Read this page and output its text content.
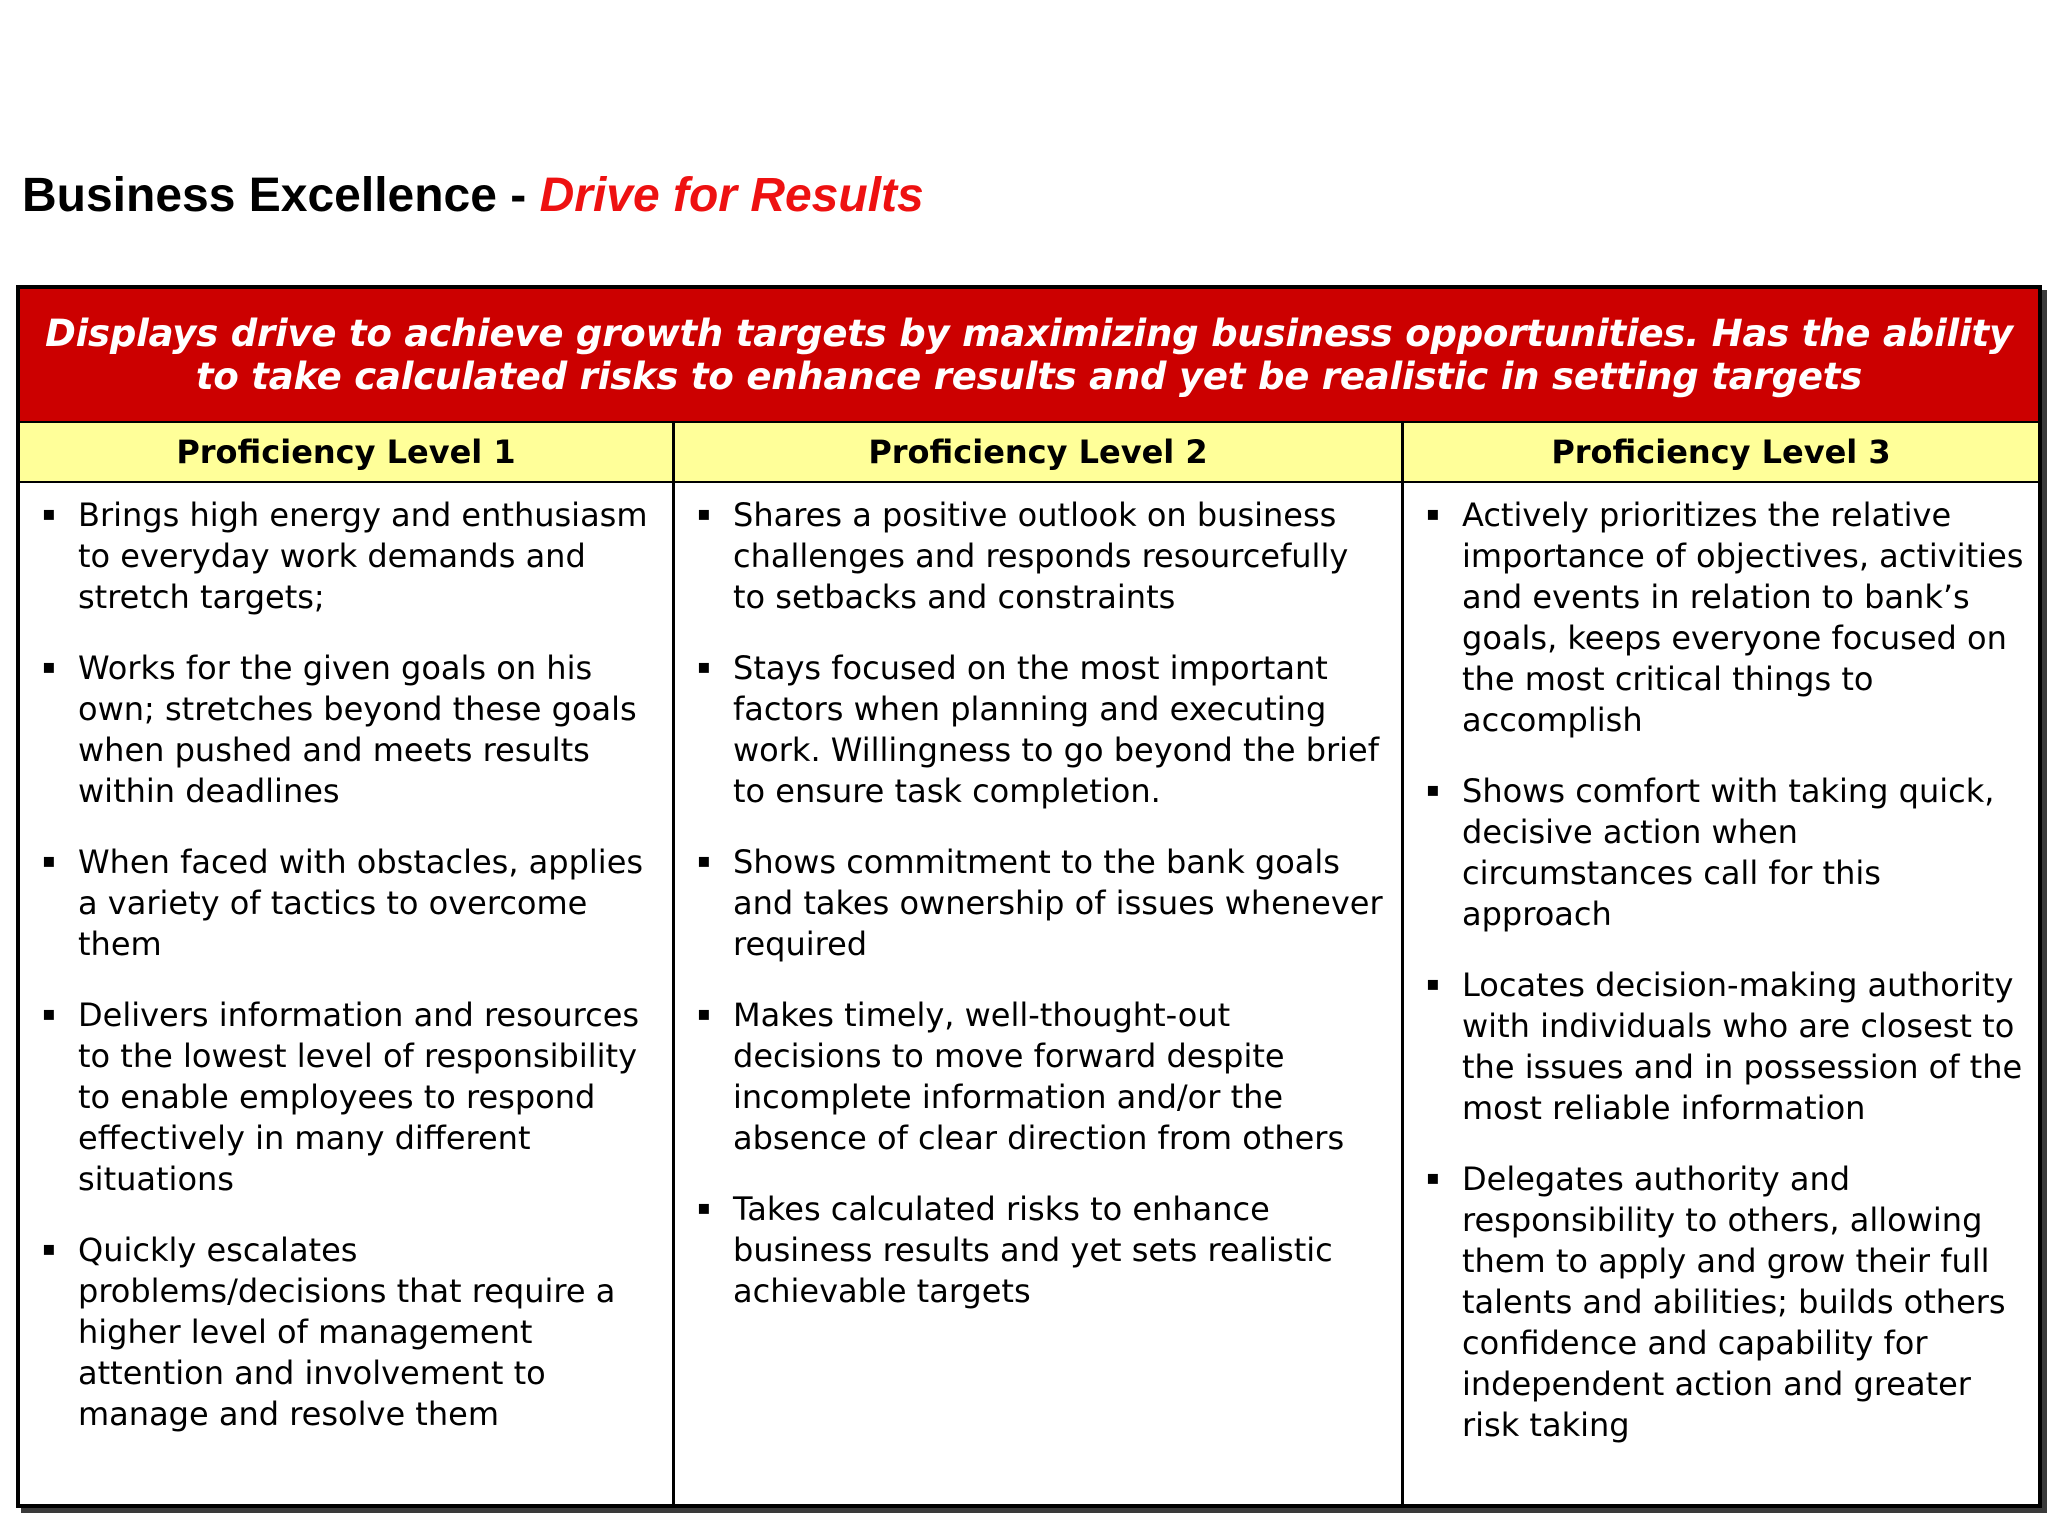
Business Excellence - Drive for Results
Displays drive to achieve growth targets by maximizing business opportunities. Has the ability to take calculated risks to enhance results and yet be realistic in setting targets
Proficiency Level 1	Proficiency Level 2	Proficiency Level 3
▪ Brings high energy and enthusiasm to everyday work demands and stretch targets;
▪ Works for the given goals on his own; stretches beyond these goals when pushed and meets results within deadlines
▪ When faced with obstacles, applies a variety of tactics to overcome them
▪ Delivers information and resources to the lowest level of responsibility to enable employees to respond effectively in many different situations
▪ Quickly escalates problems/decisions that require a higher level of management attention and involvement to manage and resolve them
▪ Shares a positive outlook on business challenges and responds resourcefully to setbacks and constraints
▪ Stays focused on the most important factors when planning and executing work. Willingness to go beyond the brief to ensure task completion.
▪ Shows commitment to the bank goals and takes ownership of issues whenever required
▪ Makes timely, well-thought-out decisions to move forward despite incomplete information and/or the absence of clear direction from others
▪ Takes calculated risks to enhance business results and yet sets realistic achievable targets
▪ Actively prioritizes the relative importance of objectives, activities and events in relation to bank’s goals, keeps everyone focused on the most critical things to accomplish
▪ Shows comfort with taking quick, decisive action when circumstances call for this approach
▪ Locates decision-making authority with individuals who are closest to the issues and in possession of the most reliable information
▪ Delegates authority and responsibility to others, allowing them to apply and grow their full talents and abilities; builds others confidence and capability for independent action and greater risk taking
